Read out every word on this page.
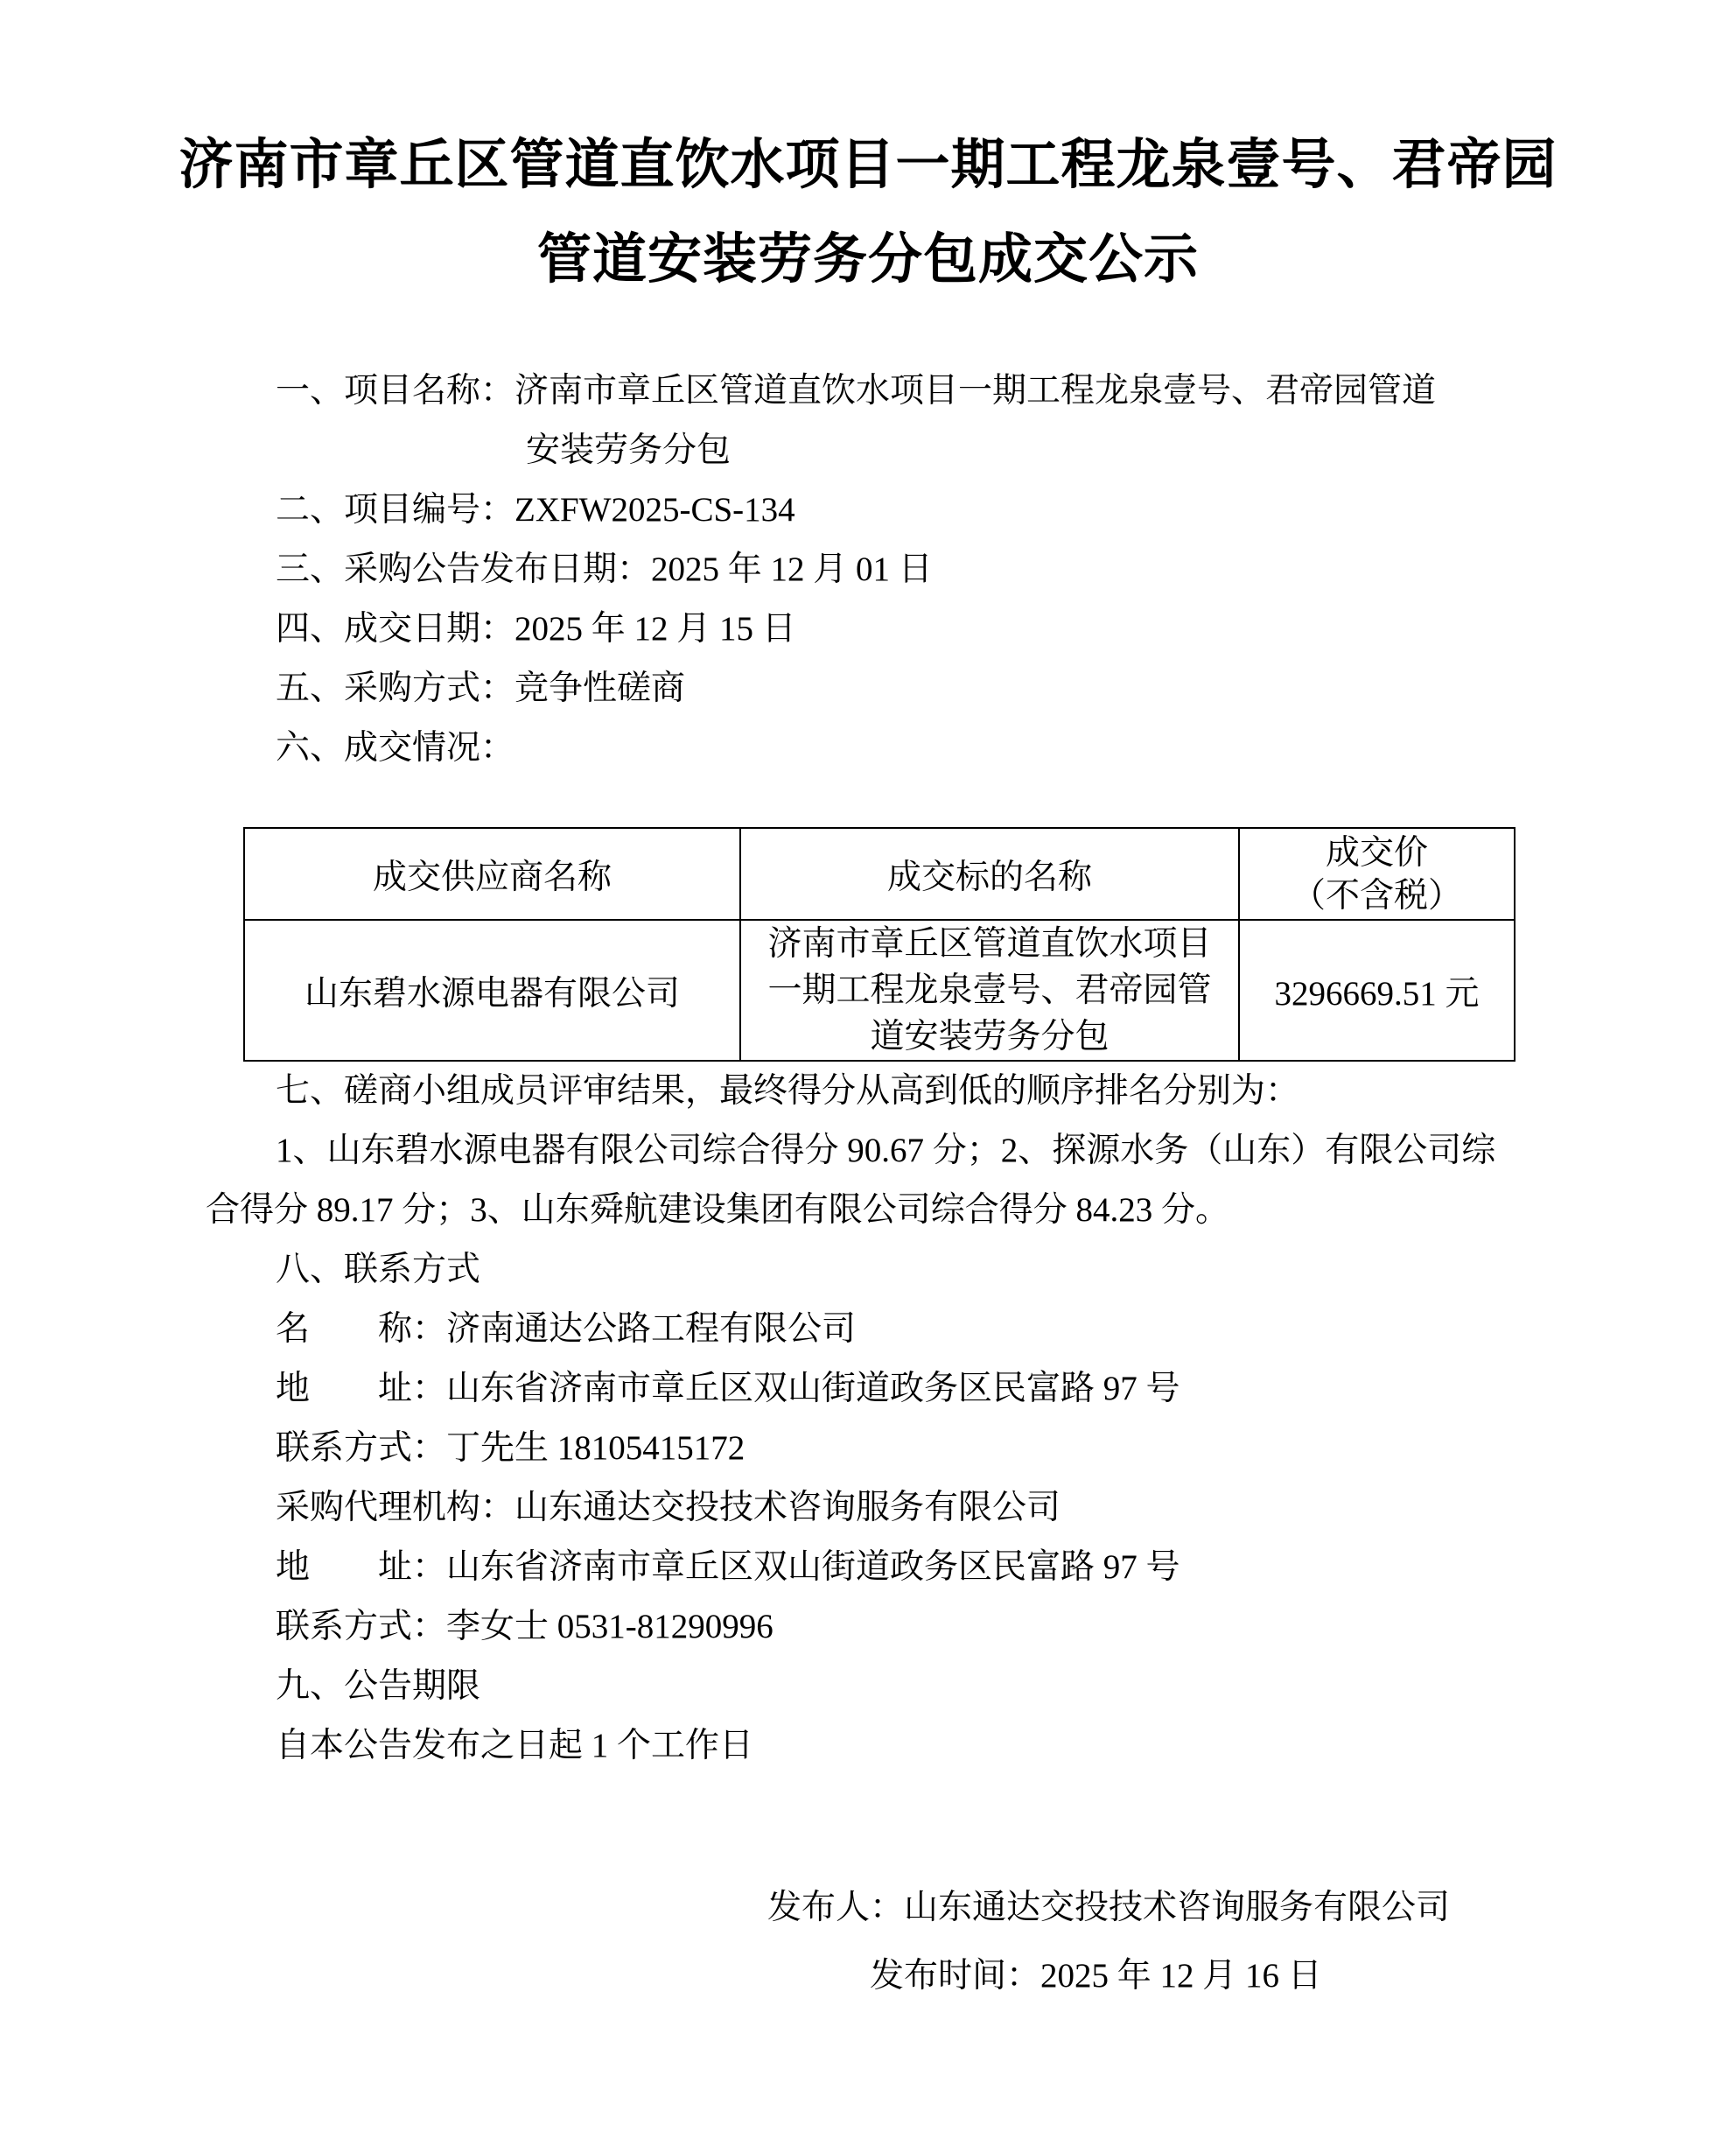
济南市章丘区管道直饮水项目一期工程龙泉壹号、君帝园
管道安装劳务分包成交公示

一、项目名称：济南市章丘区管道直饮水项目一期工程龙泉壹号、君帝园管道

安装劳务分包

二、项目编号：ZXFW2025-CS-134

三、采购公告发布日期：2025 年 12 月 01 日

四、成交日期：2025 年 12 月 15 日

五、采购方式：竞争性磋商

六、成交情况：

成交供应商名称	成交标的名称	成交价
（不含税）

山东碧水源电器有限公司	济南市章丘区管道直饮水项目一期工程龙泉壹号、君帝园管道安装劳务分包	3296669.51 元

七、磋商小组成员评审结果，最终得分从高到低的顺序排名分别为：

1、山东碧水源电器有限公司综合得分 90.67 分；2、探源水务（山东）有限公司综

合得分 89.17 分；3、山东舜航建设集团有限公司综合得分 84.23 分。

八、联系方式

名　　称：济南通达公路工程有限公司

地　　址：山东省济南市章丘区双山街道政务区民富路 97 号

联系方式：丁先生 18105415172

采购代理机构：山东通达交投技术咨询服务有限公司

地　　址：山东省济南市章丘区双山街道政务区民富路 97 号

联系方式：李女士 0531-81290996

九、公告期限

自本公告发布之日起 1 个工作日

发布人：山东通达交投技术咨询服务有限公司

发布时间：2025 年 12 月 16 日
